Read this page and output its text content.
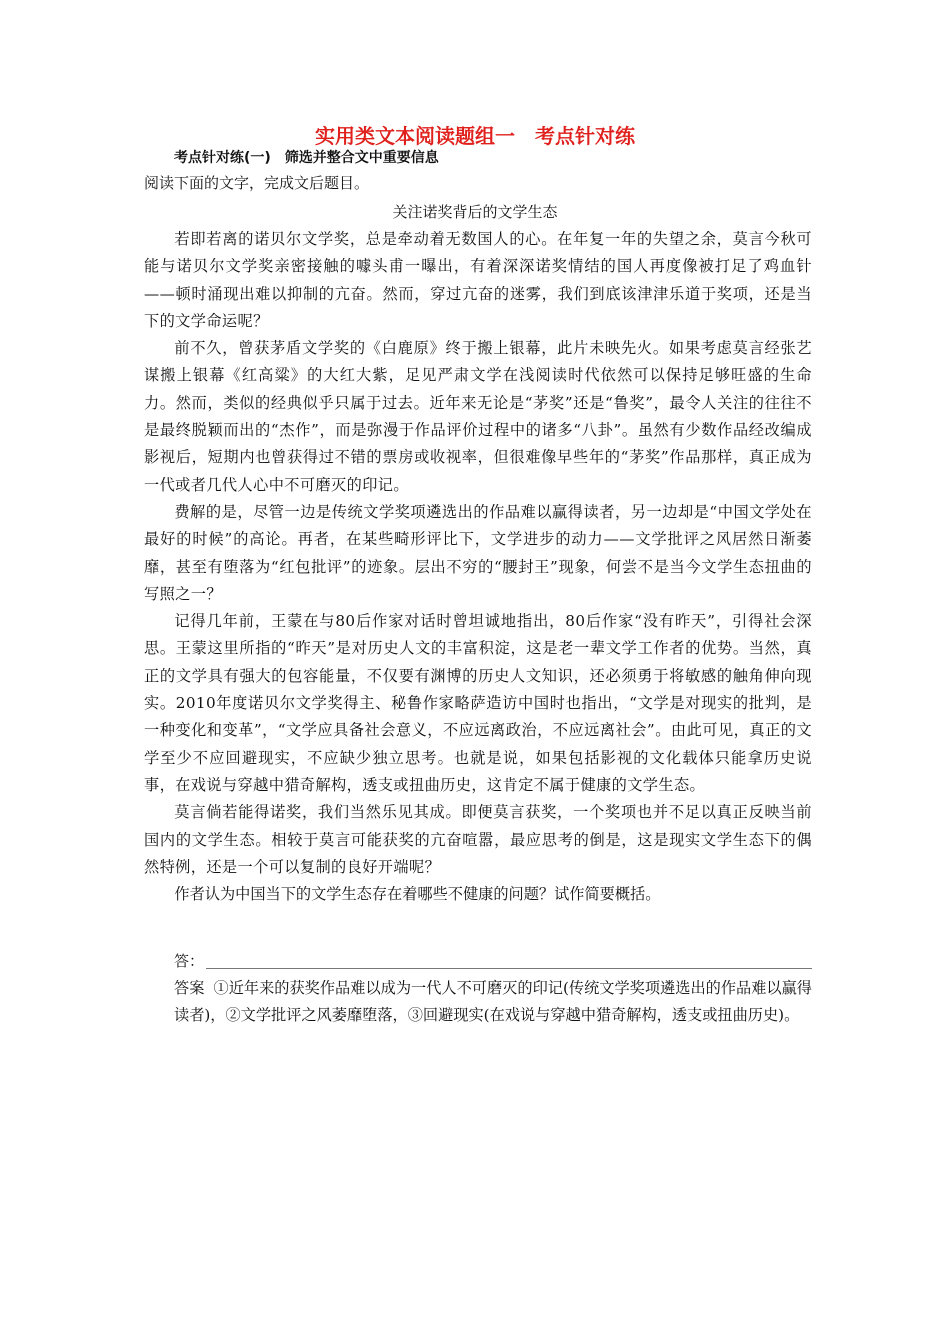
实用类文本阅读题组一　考点针对练
考点针对练(一)　筛选并整合文中重要信息
阅读下面的文字，完成文后题目。
关注诺奖背后的文学生态

若即若离的诺贝尔文学奖，总是牵动着无数国人的心。在年复一年的失望之余，莫言今秋可能与诺贝尔文学奖亲密接触的噱头甫一曝出，有着深深诺奖情结的国人再度像被打足了鸡血针——顿时涌现出难以抑制的亢奋。然而，穿过亢奋的迷雾，我们到底该津津乐道于奖项，还是当下的文学命运呢？

前不久，曾获茅盾文学奖的《白鹿原》终于搬上银幕，此片未映先火。如果考虑莫言经张艺谋搬上银幕《红高粱》的大红大紫，足见严肃文学在浅阅读时代依然可以保持足够旺盛的生命力。然而，类似的经典似乎只属于过去。近年来无论是“茅奖”还是“鲁奖”，最令人关注的往往不是最终脱颖而出的“杰作”，而是弥漫于作品评价过程中的诸多“八卦”。虽然有少数作品经改编成影视后，短期内也曾获得过不错的票房或收视率，但很难像早些年的“茅奖”作品那样，真正成为一代或者几代人心中不可磨灭的印记。

费解的是，尽管一边是传统文学奖项遴选出的作品难以赢得读者，另一边却是“中国文学处在最好的时候”的高论。再者，在某些畸形评比下，文学进步的动力——文学批评之风居然日渐萎靡，甚至有堕落为“红包批评”的迹象。层出不穷的“腰封王”现象，何尝不是当今文学生态扭曲的写照之一？

记得几年前，王蒙在与80后作家对话时曾坦诚地指出，80后作家“没有昨天”，引得社会深思。王蒙这里所指的“昨天”是对历史人文的丰富积淀，这是老一辈文学工作者的优势。当然，真正的文学具有强大的包容能量，不仅要有渊博的历史人文知识，还必须勇于将敏感的触角伸向现实。2010年度诺贝尔文学奖得主、秘鲁作家略萨造访中国时也指出，“文学是对现实的批判，是一种变化和变革”，“文学应具备社会意义，不应远离政治，不应远离社会”。由此可见，真正的文学至少不应回避现实，不应缺少独立思考。也就是说，如果包括影视的文化载体只能拿历史说事，在戏说与穿越中猎奇解构，透支或扭曲历史，这肯定不属于健康的文学生态。

莫言倘若能得诺奖，我们当然乐见其成。即便莫言获奖，一个奖项也并不足以真正反映当前国内的文学生态。相较于莫言可能获奖的亢奋喧嚣，最应思考的倒是，这是现实文学生态下的偶然特例，还是一个可以复制的良好开端呢？

作者认为中国当下的文学生态存在着哪些不健康的问题？试作简要概括。

答：
答案 ①近年来的获奖作品难以成为一代人不可磨灭的印记(传统文学奖项遴选出的作品难以赢得读者)，②文学批评之风萎靡堕落，③回避现实(在戏说与穿越中猎奇解构，透支或扭曲历史)。
